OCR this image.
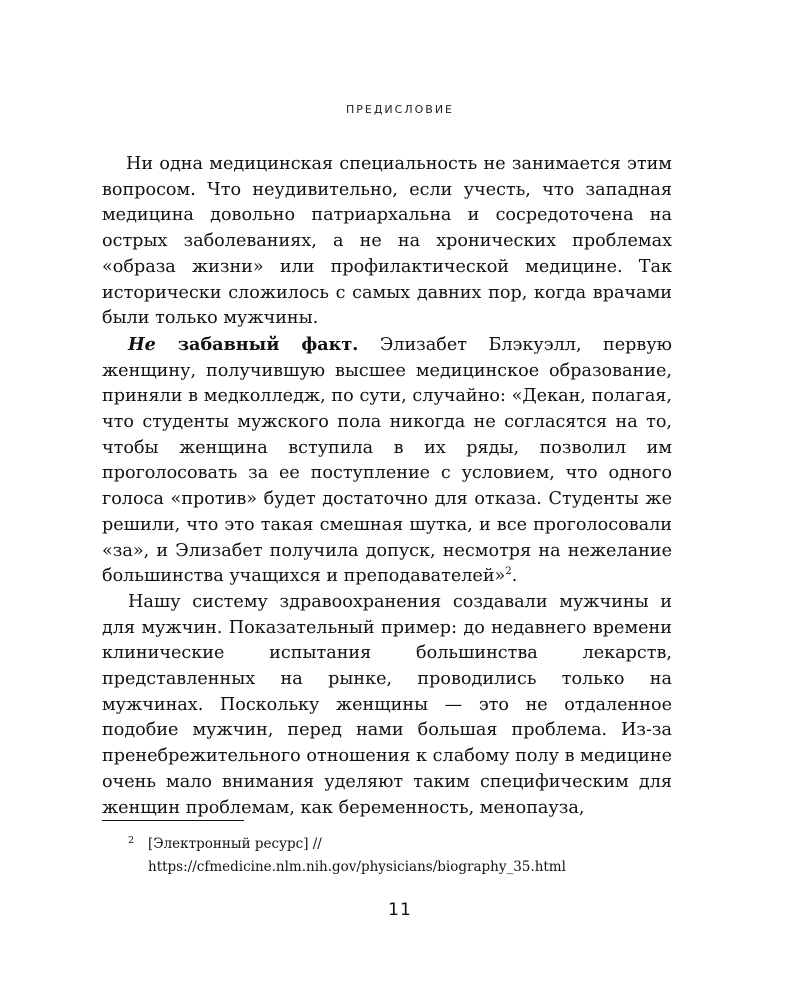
ПРЕДИСЛОВИЕ

Ни одна медицинская специальность не занимается этим вопросом. Что неудивительно, если учесть, что западная медицина довольно патриархальна и сосредоточена на острых заболеваниях, а не на хронических проблемах «образа жизни» или профилактической медицине. Так исторически сложилось с самых давних пор, когда врачами были только мужчины.

Не забавный факт. Элизабет Блэкуэлл, первую женщину, получившую высшее медицинское образование, приняли в медколледж, по сути, случайно: «Декан, полагая, что студенты мужского пола никогда не согласятся на то, чтобы женщина вступила в их ряды, позволил им проголосовать за ее поступление с условием, что одного голоса «против» будет достаточно для отказа. Студенты же решили, что это такая смешная шутка, и все проголосовали «за», и Элизабет получила допуск, несмотря на нежелание большинства учащихся и преподавателей»$^2$.

Нашу систему здравоохранения создавали мужчины и для мужчин. Показательный пример: до недавнего времени клинические испытания большинства лекарств, представленных на рынке, проводились только на мужчинах. Поскольку женщины — это не отдаленное подобие мужчин, перед нами большая проблема. Из-за пренебрежительного отношения к слабому полу в медицине очень мало внимания уделяют таким специфическим для женщин проблемам, как беременность, менопауза,

2 [Электронный ресурс] // https://cfmedicine.nlm.nih.gov/physicians/biography_35.html
11
